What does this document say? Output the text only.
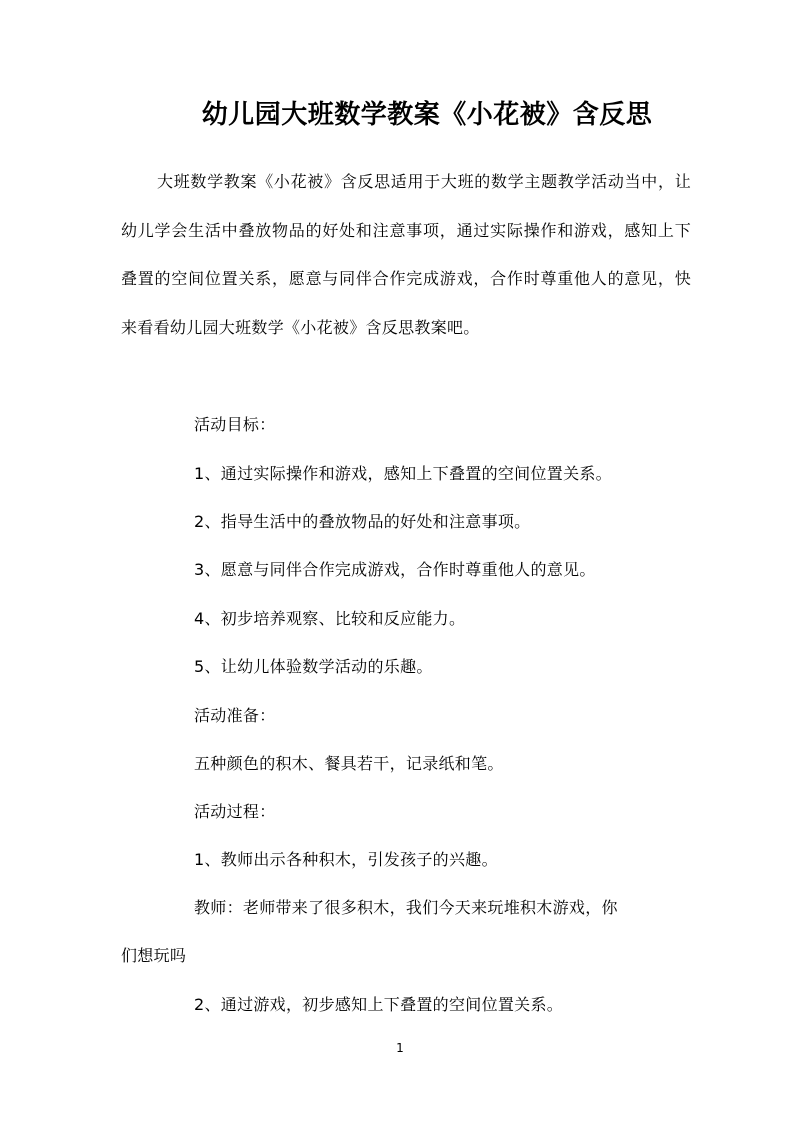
幼儿园大班数学教案《小花被》含反思

大班数学教案《小花被》含反思适用于大班的数学主题教学活动当中，让幼儿学会生活中叠放物品的好处和注意事项，通过实际操作和游戏，感知上下叠置的空间位置关系，愿意与同伴合作完成游戏，合作时尊重他人的意见，快来看看幼儿园大班数学《小花被》含反思教案吧。

活动目标：

1、通过实际操作和游戏，感知上下叠置的空间位置关系。

2、指导生活中的叠放物品的好处和注意事项。

3、愿意与同伴合作完成游戏，合作时尊重他人的意见。

4、初步培养观察、比较和反应能力。

5、让幼儿体验数学活动的乐趣。

活动准备：

五种颜色的积木、餐具若干，记录纸和笔。

活动过程：

1、教师出示各种积木，引发孩子的兴趣。

教师：老师带来了很多积木，我们今天来玩堆积木游戏，你

们想玩吗

2、通过游戏，初步感知上下叠置的空间位置关系。

1
